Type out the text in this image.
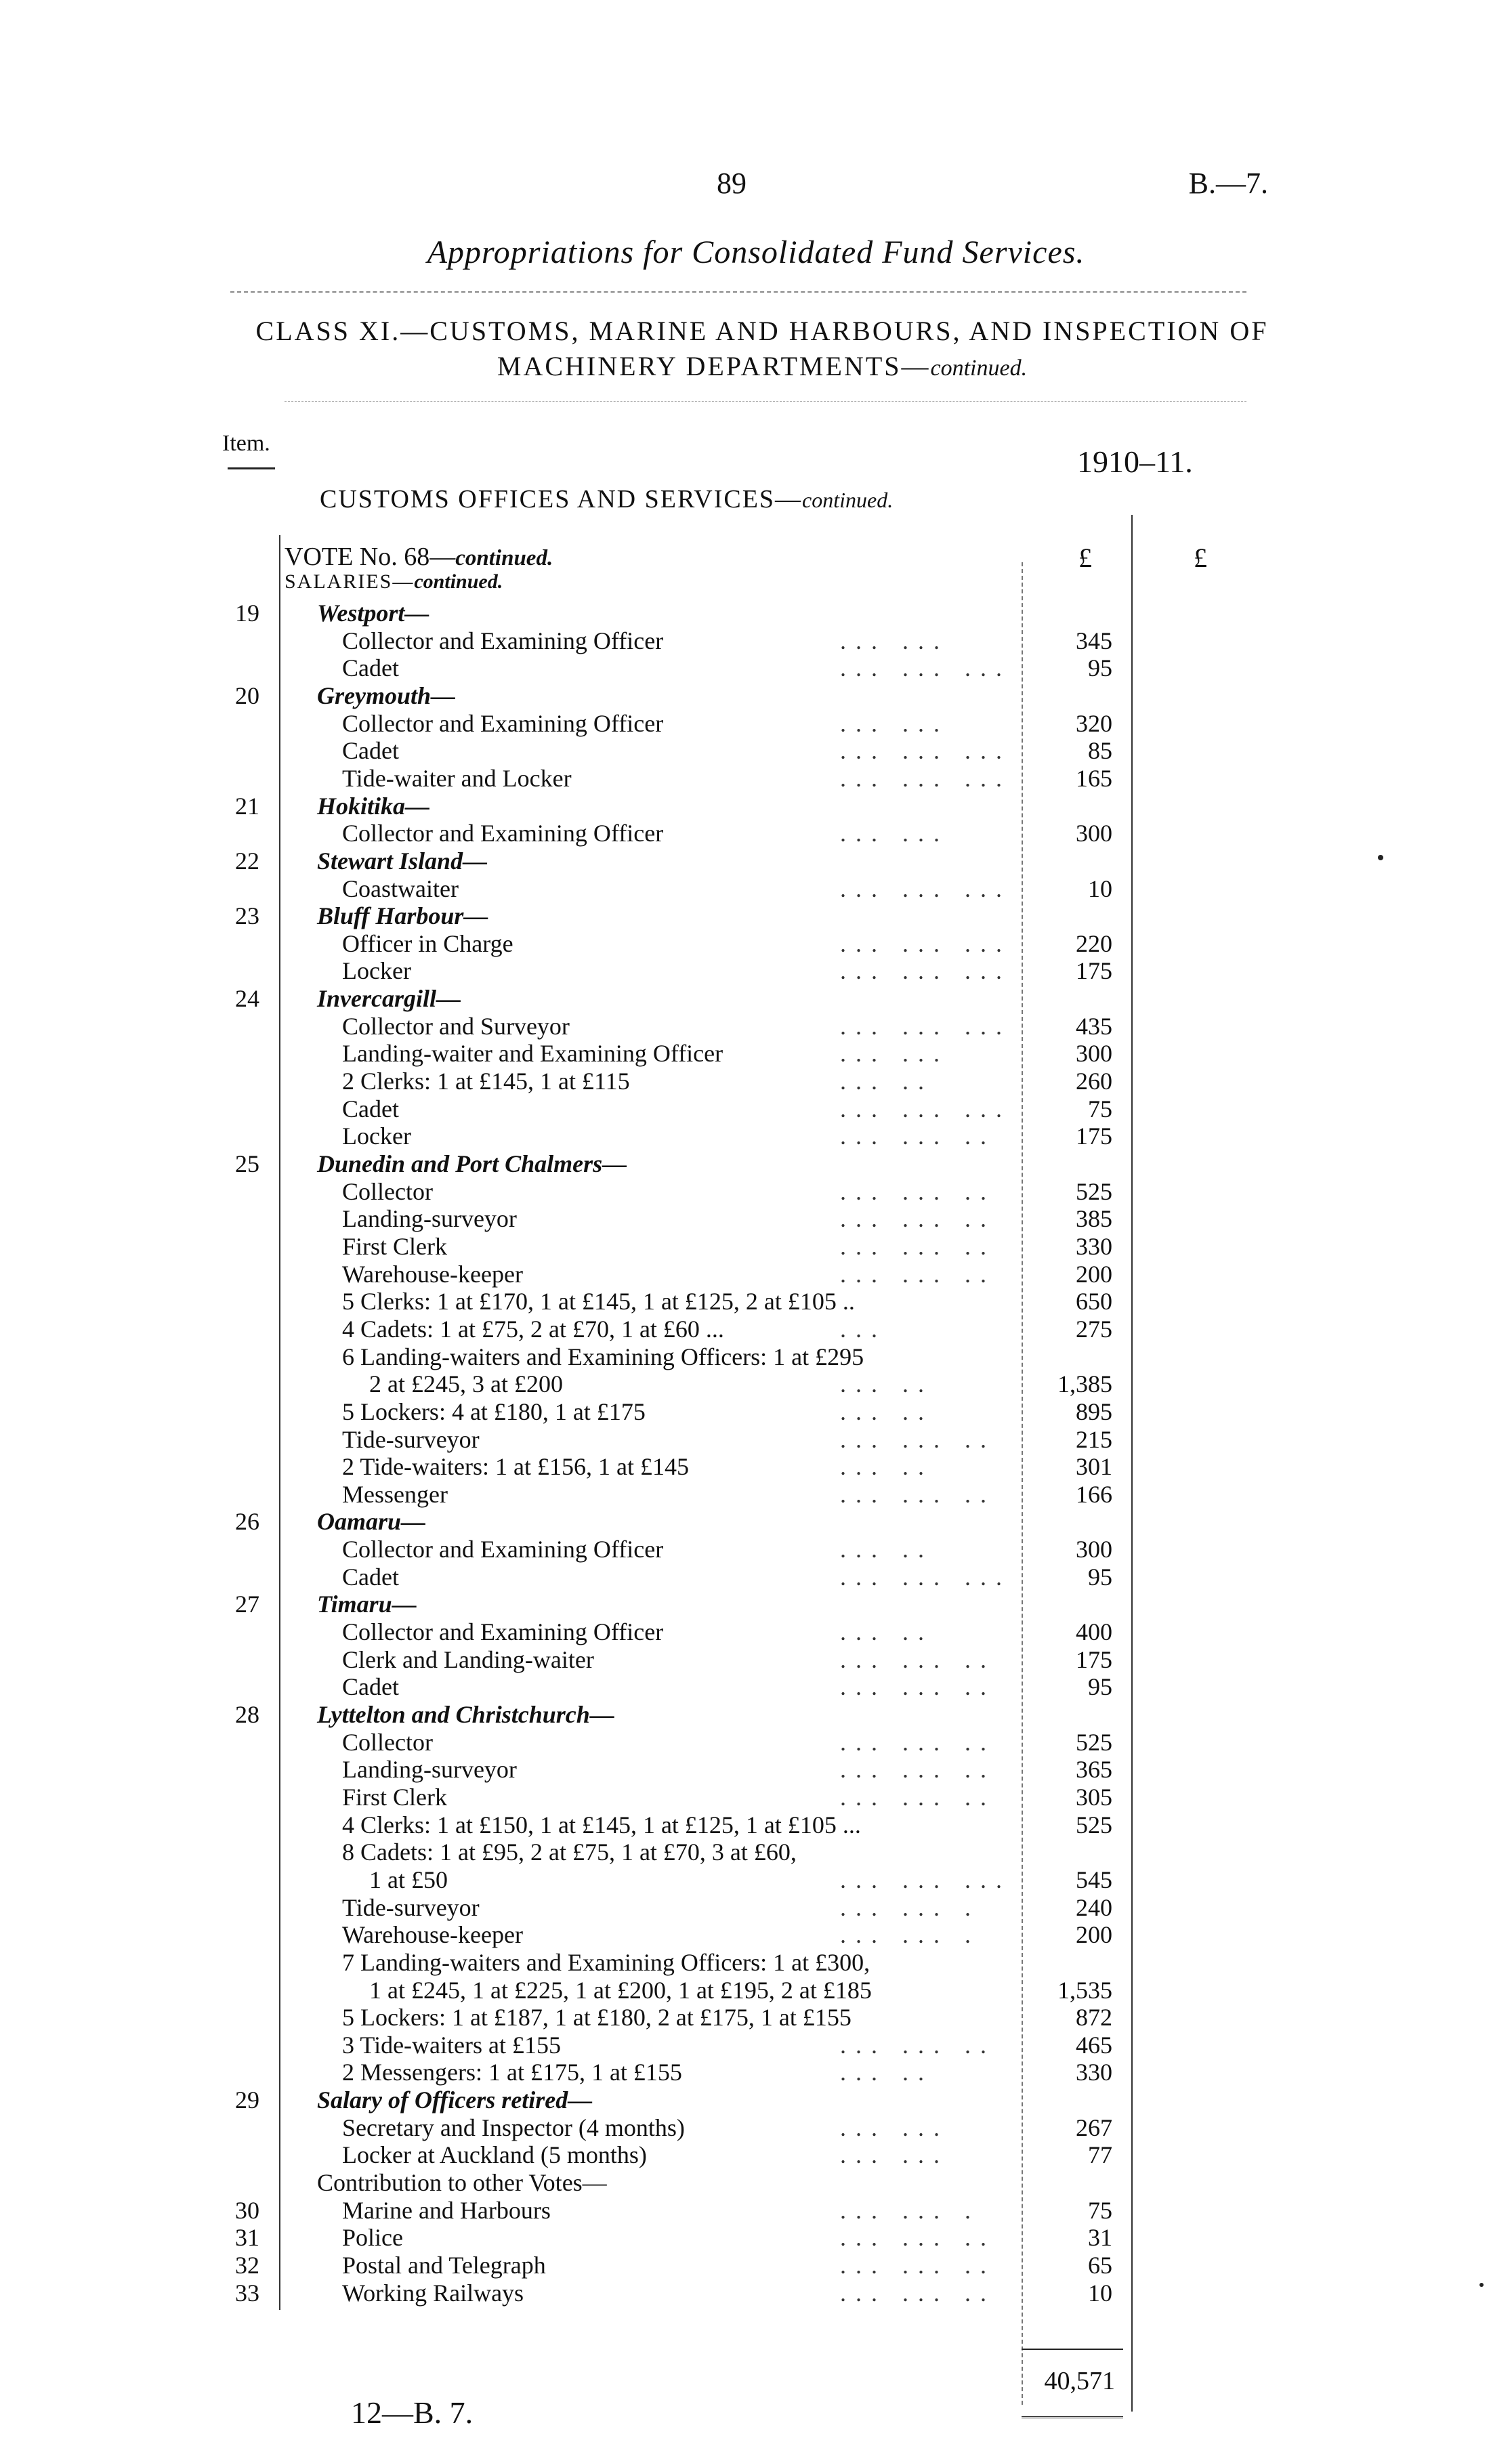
89	B.—7.
Appropriations for Consolidated Fund Services.
CLASS XI.—CUSTOMS, MARINE AND HARBOURS, AND INSPECTION OF
MACHINERY DEPARTMENTS—continued.
Item.
1910–11.
CUSTOMS OFFICES AND SERVICES—continued.
VOTE No. 68—continued.	£	£
SALARIES—continued.
19	Westport—
Collector and Examining Officer	... ...	345
Cadet	... ... ...	95
20	Greymouth—
Collector and Examining Officer	... ...	320
Cadet	... ... ...	85
Tide-waiter and Locker	... ... ...	165
21	Hokitika—
Collector and Examining Officer	... ...	300
22	Stewart Island—
Coastwaiter	... ... ...	10
23	Bluff Harbour—
Officer in Charge	... ... ...	220
Locker	... ... ...	175
24	Invercargill—
Collector and Surveyor	... ... ...	435
Landing-waiter and Examining Officer	... ...	300
2 Clerks: 1 at £145, 1 at £115	... ..	260
Cadet	... ... ...	75
Locker	... ... ..	175
25	Dunedin and Port Chalmers—
Collector	... ... ..	525
Landing-surveyor	... ... ..	385
First Clerk	... ... ..	330
Warehouse-keeper	... ... ..	200
5 Clerks: 1 at £170, 1 at £145, 1 at £125, 2 at £105 ..	650
4 Cadets: 1 at £75, 2 at £70, 1 at £60 ...	...	275
6 Landing-waiters and Examining Officers: 1 at £295
2 at £245, 3 at £200	... ..	1,385
5 Lockers: 4 at £180, 1 at £175	... ..	895
Tide-surveyor	... ... ..	215
2 Tide-waiters: 1 at £156, 1 at £145	... ..	301
Messenger	... ... ..	166
26	Oamaru—
Collector and Examining Officer	... ..	300
Cadet	... ... ...	95
27	Timaru—
Collector and Examining Officer	... ..	400
Clerk and Landing-waiter	... ... ..	175
Cadet	... ... ..	95
28	Lyttelton and Christchurch—
Collector	... ... ..	525
Landing-surveyor	... ... ..	365
First Clerk	... ... ..	305
4 Clerks: 1 at £150, 1 at £145, 1 at £125, 1 at £105 ...	525
8 Cadets: 1 at £95, 2 at £75, 1 at £70, 3 at £60,
1 at £50	... ... ...	545
Tide-surveyor	... ... .	240
Warehouse-keeper	... ... .	200
7 Landing-waiters and Examining Officers: 1 at £300,
1 at £245, 1 at £225, 1 at £200, 1 at £195, 2 at £185	1,535
5 Lockers: 1 at £187, 1 at £180, 2 at £175, 1 at £155	872
3 Tide-waiters at £155	... ... ..	465
2 Messengers: 1 at £175, 1 at £155	... ..	330
29	Salary of Officers retired—
Secretary and Inspector (4 months)	... ...	267
Locker at Auckland (5 months)	... ...	77
Contribution to other Votes—
30	Marine and Harbours	... ... .	75
31	Police	... ... ..	31
32	Postal and Telegraph	... ... ..	65
33	Working Railways	... ... ..	10
40,571
12—B. 7.
